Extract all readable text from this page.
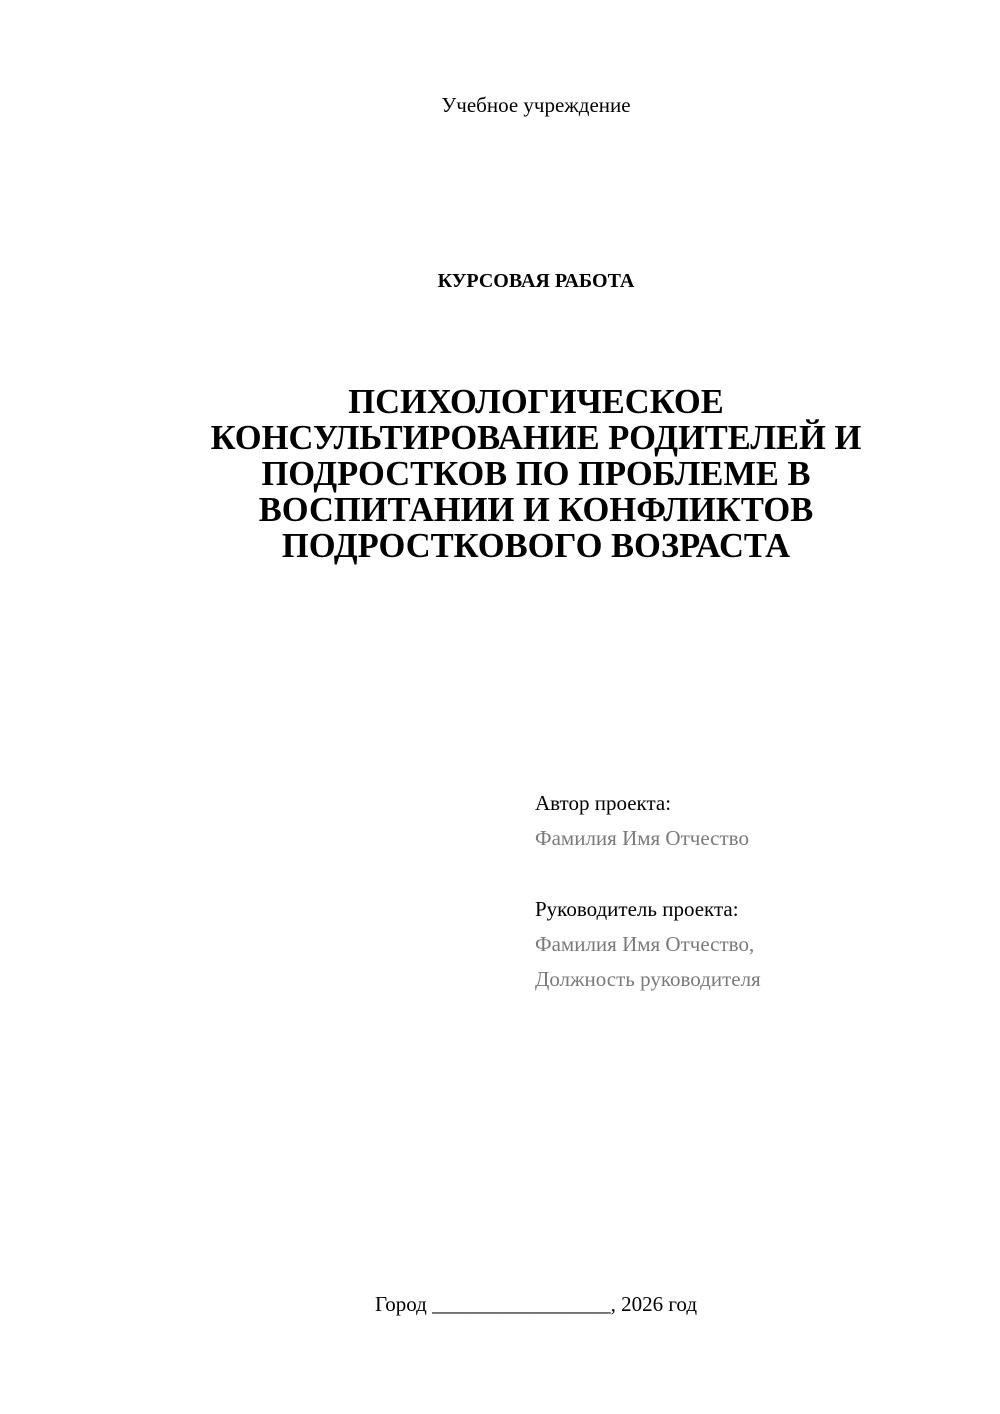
Учебное учреждение
КУРСОВАЯ РАБОТА
ПСИХОЛОГИЧЕСКОЕ
КОНСУЛЬТИРОВАНИЕ РОДИТЕЛЕЙ И
ПОДРОСТКОВ ПО ПРОБЛЕМЕ В
ВОСПИТАНИИ И КОНФЛИКТОВ
ПОДРОСТКОВОГО ВОЗРАСТА
Автор проекта:
Фамилия Имя Отчество
Руководитель проекта:
Фамилия Имя Отчество,
Должность руководителя
Город _________________, 2026 год
